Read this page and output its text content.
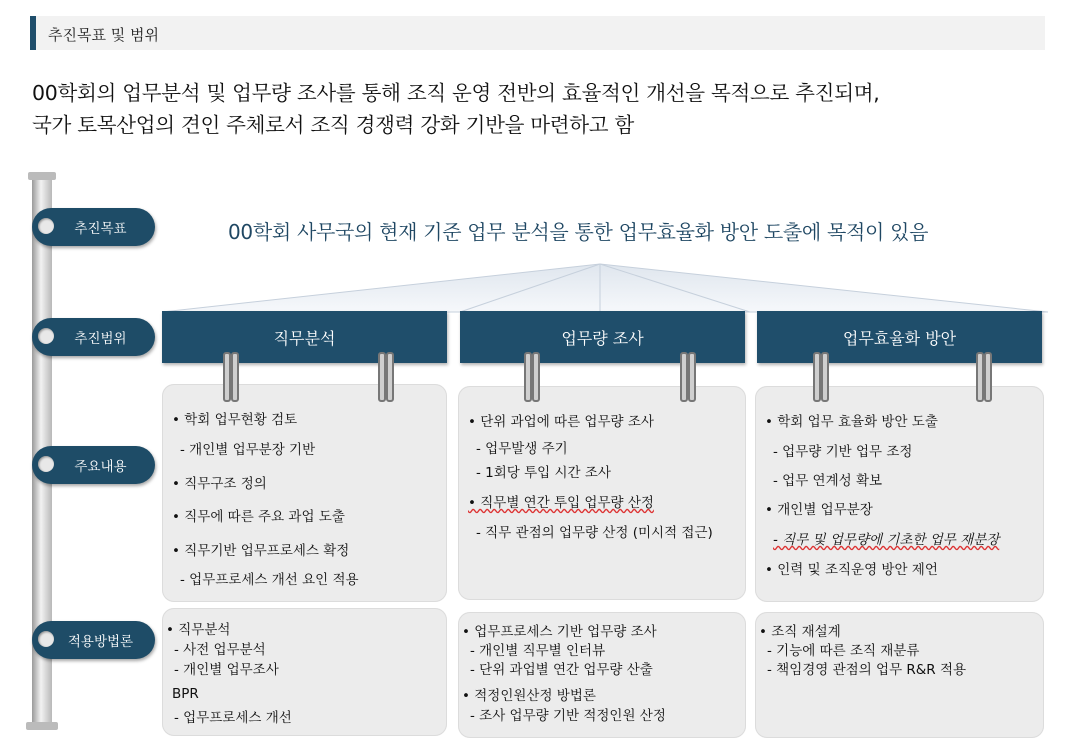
추진목표 및 범위
00학회의 업무분석 및 업무량 조사를 통해 조직 운영 전반의 효율적인 개선을 목적으로 추진되며,
국가 토목산업의 견인 주체로서 조직 경쟁력 강화 기반을 마련하고 함
추진목표
추진범위
주요내용
적용방법론
00학회 사무국의 현재 기준 업무 분석을 통한 업무효율화 방안 도출에 목적이 있음
직무분석	업무량 조사	업무효율화 방안
• 학회 업무현황 검토
- 개인별 업무분장 기반
• 직무구조 정의
• 직무에 따른 주요 과업 도출
• 직무기반 업무프로세스 확정
- 업무프로세스 개선 요인 적용
• 단위 과업에 따른 업무량 조사
- 업무발생 주기
- 1회당 투입 시간 조사
• 직무별 연간 투입 업무량 산정
- 직무 관점의 업무량 산정 (미시적 접근)
• 학회 업무 효율화 방안 도출
- 업무량 기반 업무 조정
- 업무 연계성 확보
• 개인별 업무분장
- 직무 및 업무량에 기초한 업무 재분장
• 인력 및 조직운영 방안 제언
• 직무분석
- 사전 업무분석
- 개인별 업무조사
BPR
- 업무프로세스 개선
• 업무프로세스 기반 업무량 조사
- 개인별 직무별 인터뷰
- 단위 과업별 연간 업무량 산출
• 적정인원산정 방법론
- 조사 업무량 기반 적정인원 산정
• 조직 재설계
- 기능에 따른 조직 재분류
- 책임경영 관점의 업무 R&R 적용
